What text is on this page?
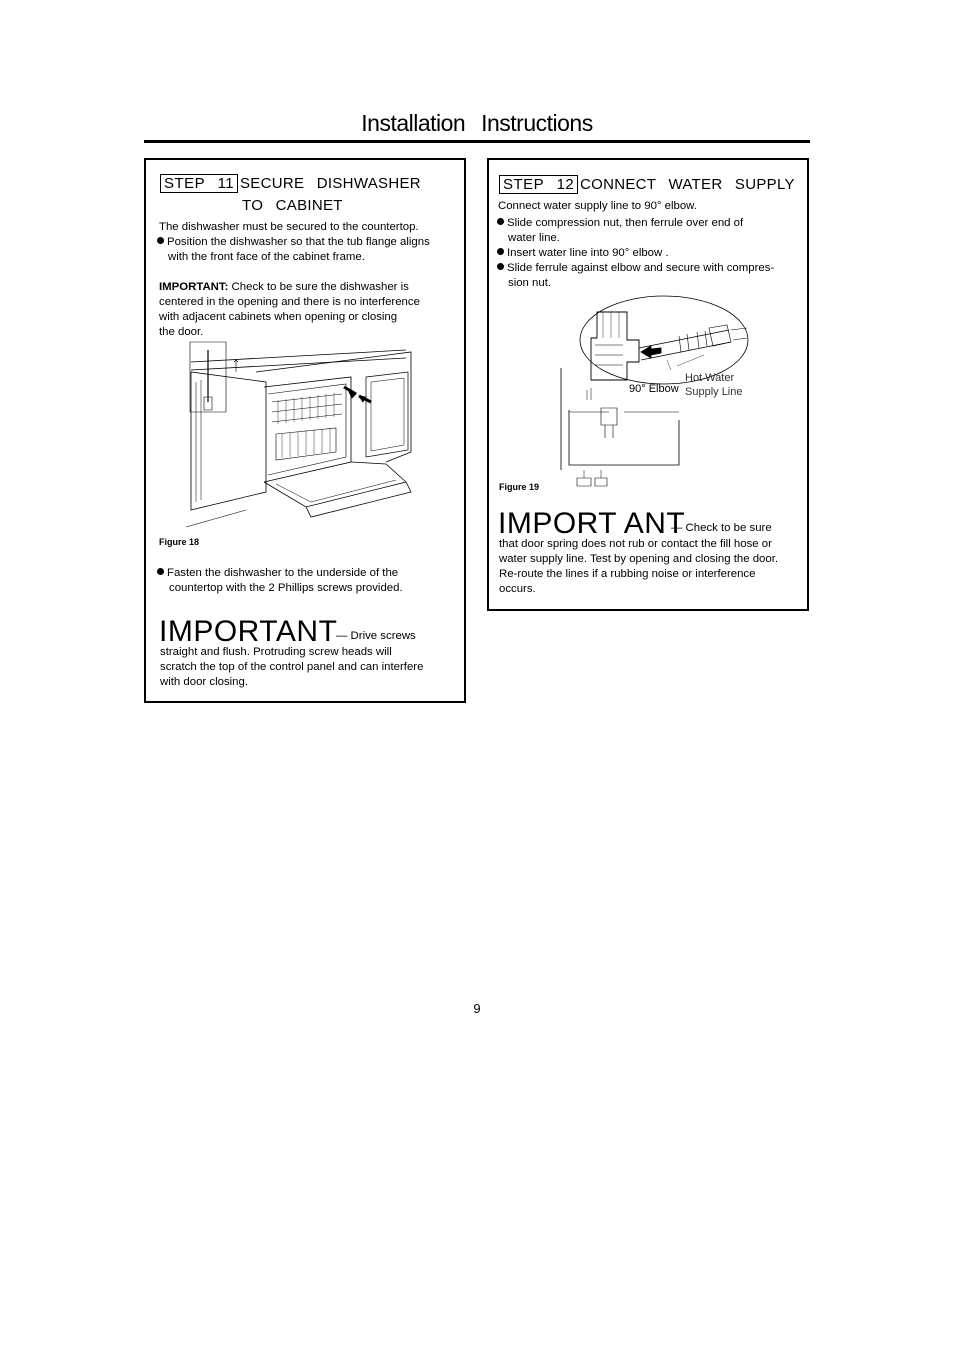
Installation Instructions
STEP 11 SECURE DISHWASHER
TO CABINET
The dishwasher must be secured to the countertop.
Position the dishwasher so that the tub flange aligns
with the front face of the cabinet frame.
IMPORTANT: Check to be sure the dishwasher is
centered in the opening and there is no interference
with adjacent cabinets when opening or closing
the door.
Figure 18
Fasten the dishwasher to the underside of the
countertop with the 2 Phillips screws provided.
IMPORTANT
— Drive screws
straight and flush. Protruding screw heads will
scratch the top of the control panel and can interfere
with door closing.
STEP 12 CONNECT WATER SUPPLY
Connect water supply line to 90° elbow.
Slide compression nut, then ferrule over end of
water line.
Insert water line into 90° elbow .
Slide ferrule against elbow and secure with compres-
sion nut.
90° Elbow
Hot Water
Supply Line
Figure 19
IMPORT ANT
— Check to be sure
that door spring does not rub or contact the fill hose or
water supply line. Test by opening and closing the door.
Re-route the lines if a rubbing noise or interference
occurs.
9
